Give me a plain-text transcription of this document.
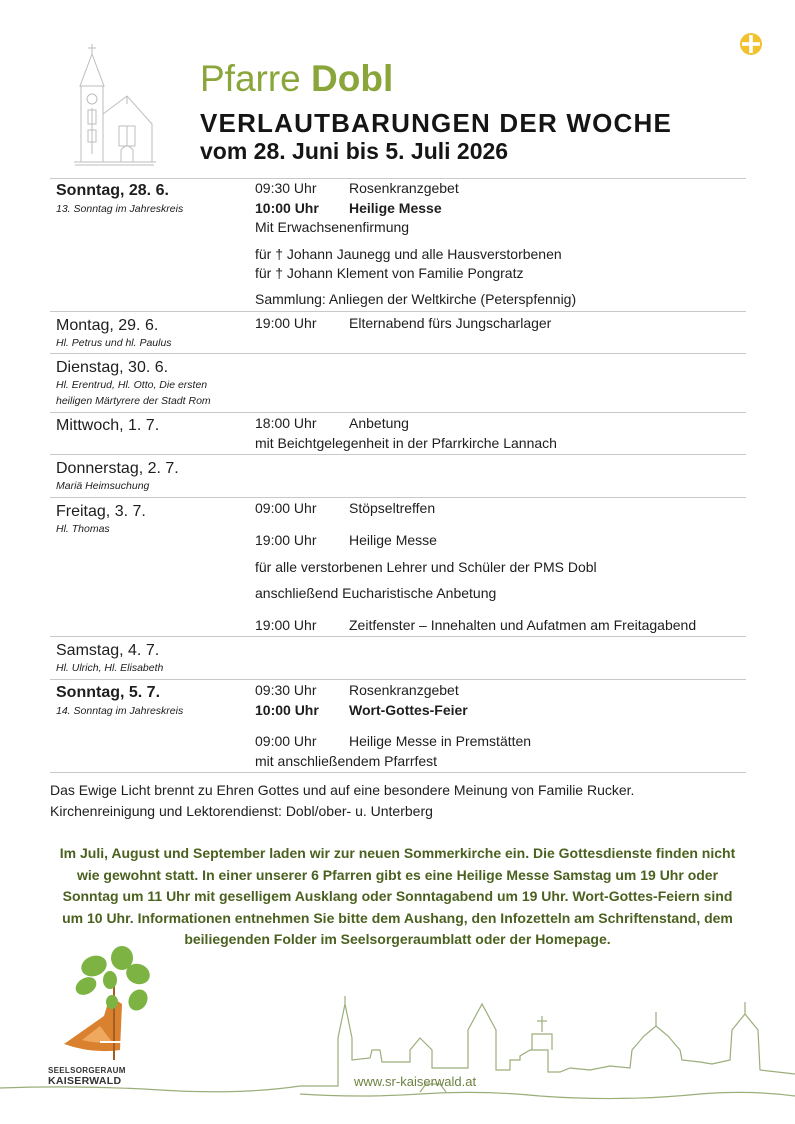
Pfarre Dobl
VERLAUTBARUNGEN DER WOCHE
vom 28. Juni bis 5. Juli 2026
Sonntag, 28. 6.
13. Sonntag im Jahreskreis
09:30 Uhr Rosenkranzgebet
10:00 Uhr Heilige Messe
Mit Erwachsenenfirmung
für † Johann Jaunegg und alle Hausverstorbenen
für † Johann Klement von Familie Pongratz
Sammlung: Anliegen der Weltkirche (Peterspfennig)
Montag, 29. 6.
Hl. Petrus und hl. Paulus
19:00 Uhr Elternabend fürs Jungscharlager
Dienstag, 30. 6.
Hl. Erentrud, Hl. Otto, Die ersten
heiligen Märtyrere der Stadt Rom
Mittwoch, 1. 7.	18:00 Uhr Anbetung
mit Beichtgelegenheit in der Pfarrkirche Lannach
Donnerstag, 2. 7.
Mariä Heimsuchung
Freitag, 3. 7.
Hl. Thomas
09:00 Uhr Stöpseltreffen
19:00 Uhr Heilige Messe
für alle verstorbenen Lehrer und Schüler der PMS Dobl
anschließend Eucharistische Anbetung
19:00 Uhr Zeitfenster – Innehalten und Aufatmen am Freitagabend
Samstag, 4. 7.
Hl. Ulrich, Hl. Elisabeth
Sonntag, 5. 7.
14. Sonntag im Jahreskreis
09:30 Uhr Rosenkranzgebet
10:00 Uhr Wort-Gottes-Feier
09:00 Uhr Heilige Messe in Premstätten
mit anschließendem Pfarrfest
Das Ewige Licht brennt zu Ehren Gottes und auf eine besondere Meinung von Familie Rucker.
Kirchenreinigung und Lektorendienst: Dobl/ober- u. Unterberg
Im Juli, August und September laden wir zur neuen Sommerkirche ein. Die Gottesdienste finden nicht
wie gewohnt statt. In einer unserer 6 Pfarren gibt es eine Heilige Messe Samstag um 19 Uhr oder
Sonntag um 11 Uhr mit geselligem Ausklang oder Sonntagabend um 19 Uhr. Wort-Gottes-Feiern sind
um 10 Uhr. Informationen entnehmen Sie bitte dem Aushang, den Infozetteln am Schriftenstand, dem
beiliegenden Folder im Seelsorgeraumblatt oder der Homepage.
SEELSORGERAUM
KAISERWALD	www.sr-kaiserwald.at
